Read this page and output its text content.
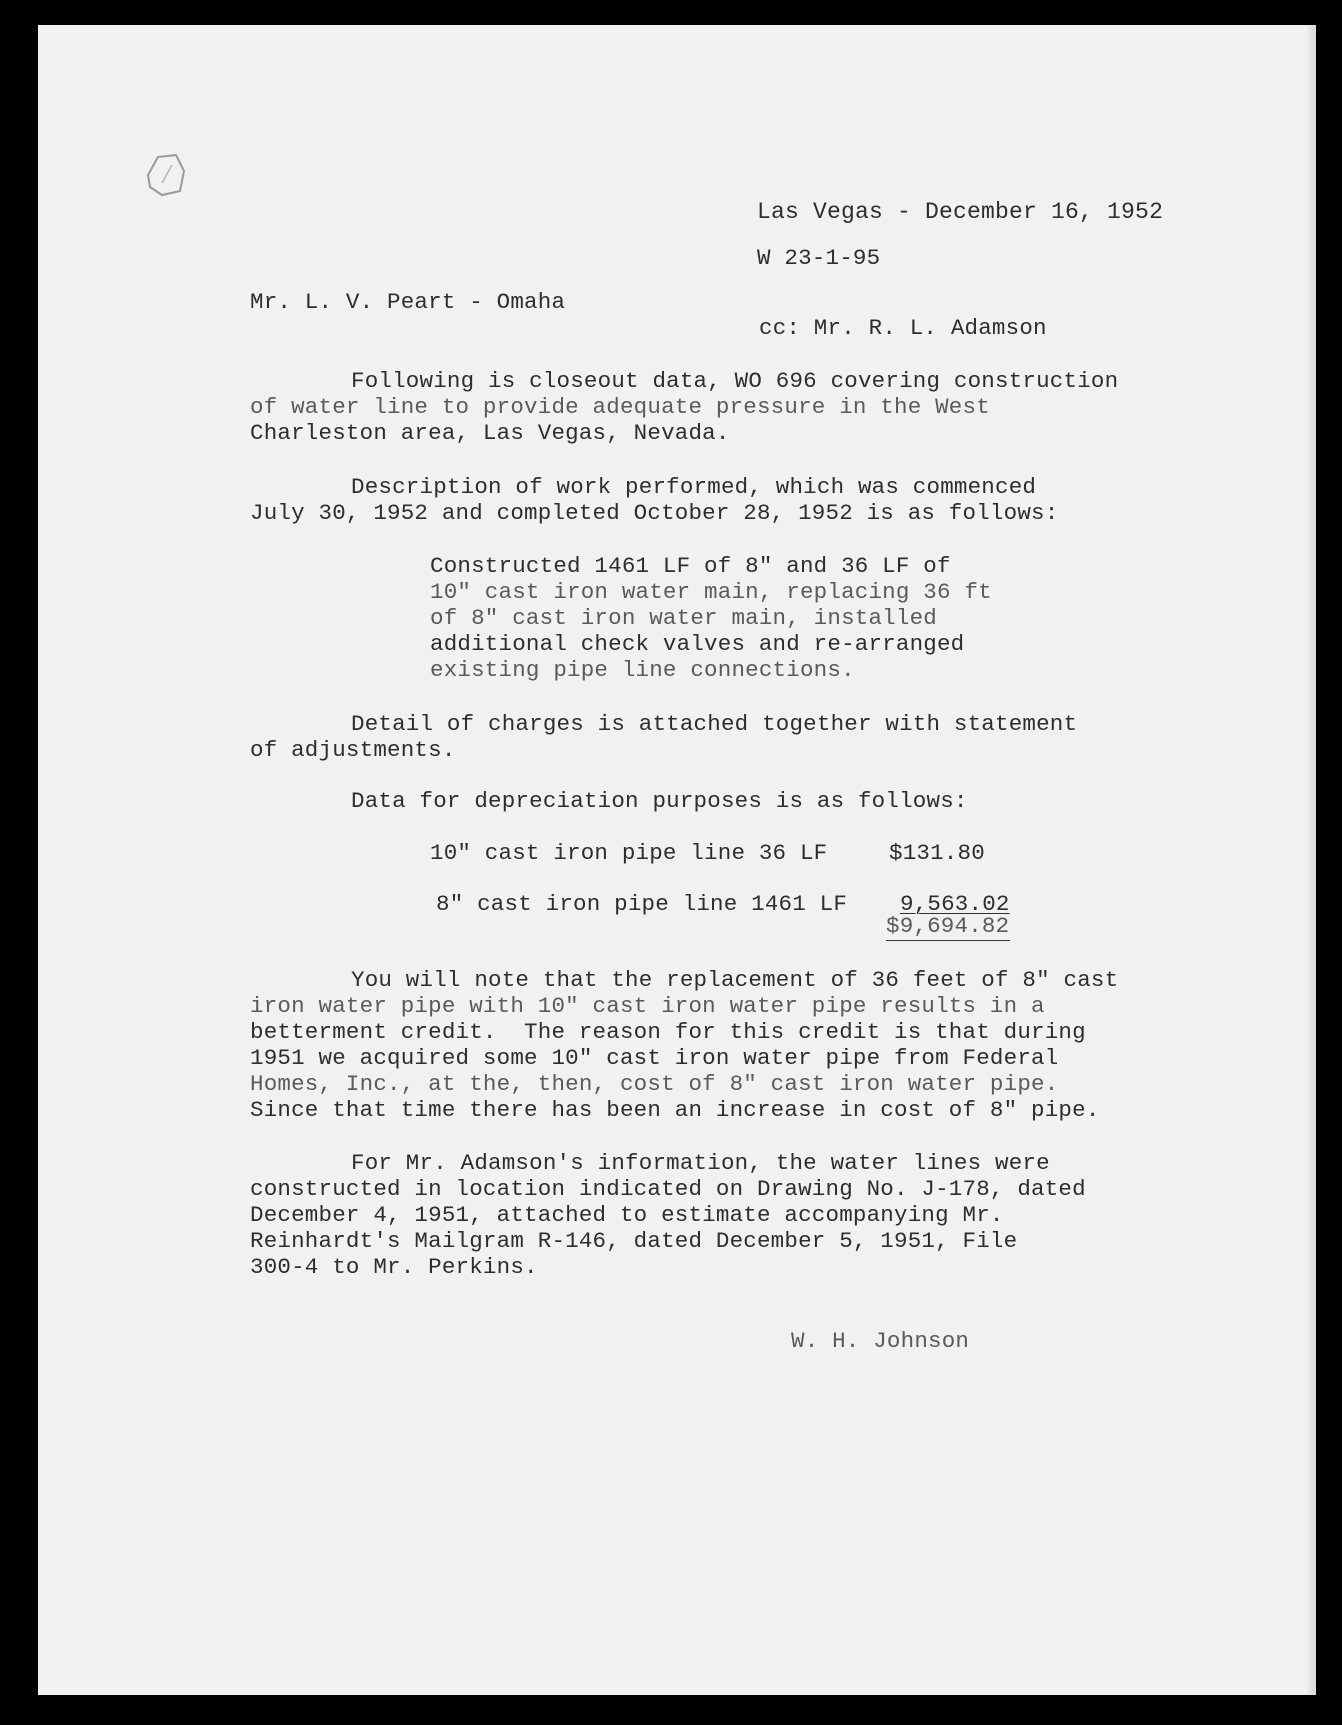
Las Vegas - December 16, 1952
W 23-1-95
Mr. L. V. Peart - Omaha
cc: Mr. R. L. Adamson
Following is closeout data, WO 696 covering construction
of water line to provide adequate pressure in the West
Charleston area, Las Vegas, Nevada.
Description of work performed, which was commenced
July 30, 1952 and completed October 28, 1952 is as follows:
Constructed 1461 LF of 8" and 36 LF of
10" cast iron water main, replacing 36 ft
of 8" cast iron water main, installed
additional check valves and re-arranged
existing pipe line connections.
Detail of charges is attached together with statement
of adjustments.
Data for depreciation purposes is as follows:
10" cast iron pipe line 36 LF	$131.80
8" cast iron pipe line 1461 LF 9,563.02
$9,694.82
You will note that the replacement of 36 feet of 8" cast
iron water pipe with 10" cast iron water pipe results in a
betterment credit.  The reason for this credit is that during
1951 we acquired some 10" cast iron water pipe from Federal
Homes, Inc., at the, then, cost of 8" cast iron water pipe.
Since that time there has been an increase in cost of 8" pipe.
For Mr. Adamson's information, the water lines were
constructed in location indicated on Drawing No. J-178, dated
December 4, 1951, attached to estimate accompanying Mr.
Reinhardt's Mailgram R-146, dated December 5, 1951, File
300-4 to Mr. Perkins.
W. H. Johnson
